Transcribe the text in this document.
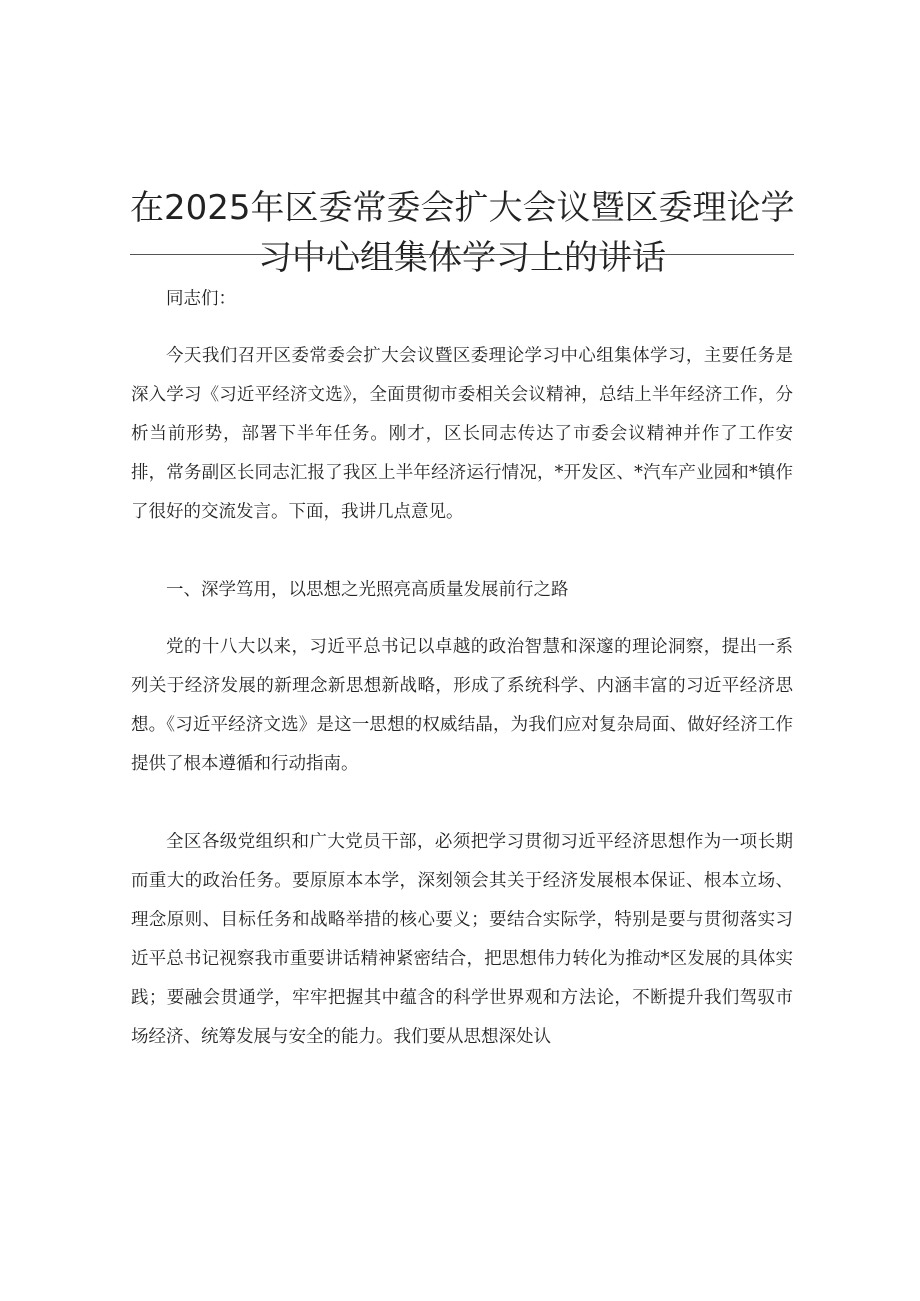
在2025年区委常委会扩大会议暨区委理论学
习中心组集体学习上的讲话

同志们：

今天我们召开区委常委会扩大会议暨区委理论学习中心组集体学习，主要任务是深入学习《习近平经济文选》，全面贯彻市委相关会议精神，总结上半年经济工作，分析当前形势，部署下半年任务。刚才，区长同志传达了市委会议精神并作了工作安排，常务副区长同志汇报了我区上半年经济运行情况，*开发区、*汽车产业园和*镇作了很好的交流发言。下面，我讲几点意见。

一、深学笃用，以思想之光照亮高质量发展前行之路

党的十八大以来，习近平总书记以卓越的政治智慧和深邃的理论洞察，提出一系列关于经济发展的新理念新思想新战略，形成了系统科学、内涵丰富的习近平经济思想。《习近平经济文选》是这一思想的权威结晶，为我们应对复杂局面、做好经济工作提供了根本遵循和行动指南。

全区各级党组织和广大党员干部，必须把学习贯彻习近平经济思想作为一项长期而重大的政治任务。要原原本本学，深刻领会其关于经济发展根本保证、根本立场、理念原则、目标任务和战略举措的核心要义；要结合实际学，特别是要与贯彻落实习近平总书记视察我市重要讲话精神紧密结合，把思想伟力转化为推动*区发展的具体实践；要融会贯通学，牢牢把握其中蕴含的科学世界观和方法论，不断提升我们驾驭市场经济、统筹发展与安全的能力。我们要从思想深处认
